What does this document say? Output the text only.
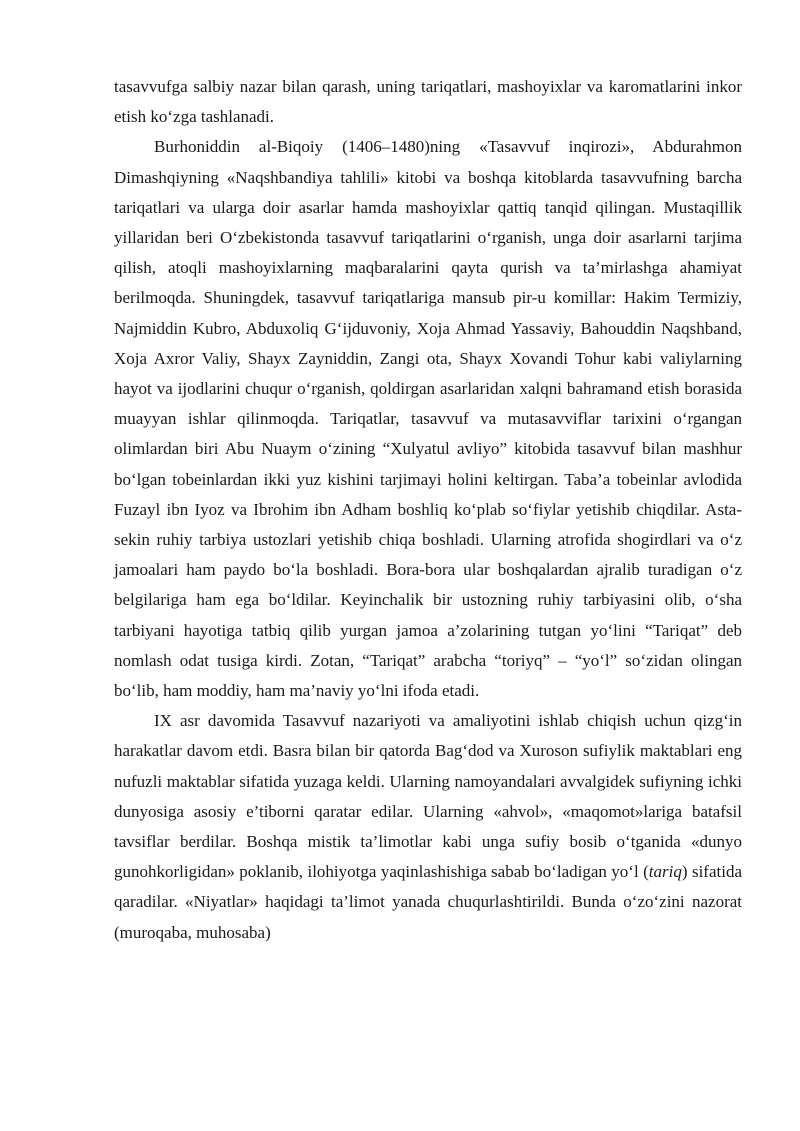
tasavvufga salbiy nazar bilan qarash, uning tariqatlari, mashoyixlar va karomatlarini inkor etish ko‘zga tashlanadi.

Burhoniddin al-Biqoiy (1406–1480)ning «Tasavvuf inqirozi», Abdurahmon Dimashqiyning «Naqshbandiya tahlili» kitobi va boshqa kitoblarda tasavvufning barcha tariqatlari va ularga doir asarlar hamda mashoyixlar qattiq tanqid qilingan. Mustaqillik yillaridan beri O‘zbekistonda tasavvuf tariqatlarini o‘rganish, unga doir asarlarni tarjima qilish, atoqli mashoyixlarning maqbaralarini qayta qurish va ta’mirlashga ahamiyat berilmoqda. Shuningdek, tasavvuf tariqatlariga mansub pir-u komillar: Hakim Termiziy, Najmiddin Kubro, Abduxoliq G‘ijduvoniy, Xoja Ahmad Yassaviy, Bahouddin Naqshband, Xoja Axror Valiy, Shayx Zayniddin, Zangi ota, Shayx Xovandi Tohur kabi valiylarning hayot va ijodlarini chuqur o‘rganish, qoldirgan asarlaridan xalqni bahramand etish borasida muayyan ishlar qilinmoqda. Tariqatlar, tasavvuf va mutasavviflar tarixini o‘rgangan olimlardan biri Abu Nuaym o‘zining “Xulyatul avliyo” kitobida tasavvuf bilan mashhur bo‘lgan tobeinlardan ikki yuz kishini tarjimayi holini keltirgan. Taba’a tobeinlar avlodida Fuzayl ibn Iyoz va Ibrohim ibn Adham boshliq ko‘plab so‘fiylar yetishib chiqdilar. Asta-sekin ruhiy tarbiya ustozlari yetishib chiqa boshladi. Ularning atrofida shogirdlari va o‘z jamoalari ham paydo bo‘la boshladi. Bora-bora ular boshqalardan ajralib turadigan o‘z belgilariga ham ega bo‘ldilar. Keyinchalik bir ustozning ruhiy tarbiyasini olib, o‘sha tarbiyani hayotiga tatbiq qilib yurgan jamoa a’zolarining tutgan yo‘lini “Tariqat” deb nomlash odat tusiga kirdi. Zotan, “Tariqat” arabcha “toriyq” – “yo‘l” so‘zidan olingan bo‘lib, ham moddiy, ham ma’naviy yo‘lni ifoda etadi.

IX asr davomida Tasavvuf nazariyoti va amaliyotini ishlab chiqish uchun qizg‘in harakatlar davom etdi. Basra bilan bir qatorda Bag‘dod va Xuroson sufiylik maktablari eng nufuzli maktablar sifatida yuzaga keldi. Ularning namoyandalari avvalgidek sufiyning ichki dunyosiga asosiy e’tiborni qaratar edilar. Ularning «ahvol», «maqomot»lariga batafsil tavsiflar berdilar. Boshqa mistik ta’limotlar kabi unga sufiy bosib o‘tganida «dunyo gunohkorligidan» poklanib, ilohiyotga yaqinlashishiga sabab bo‘ladigan yo‘l (tariq) sifatida qaradilar. «Niyatlar» haqidagi ta’limot yanada chuqurlashtirildi. Bunda o‘zo‘zini nazorat (muroqaba, muhosaba)
